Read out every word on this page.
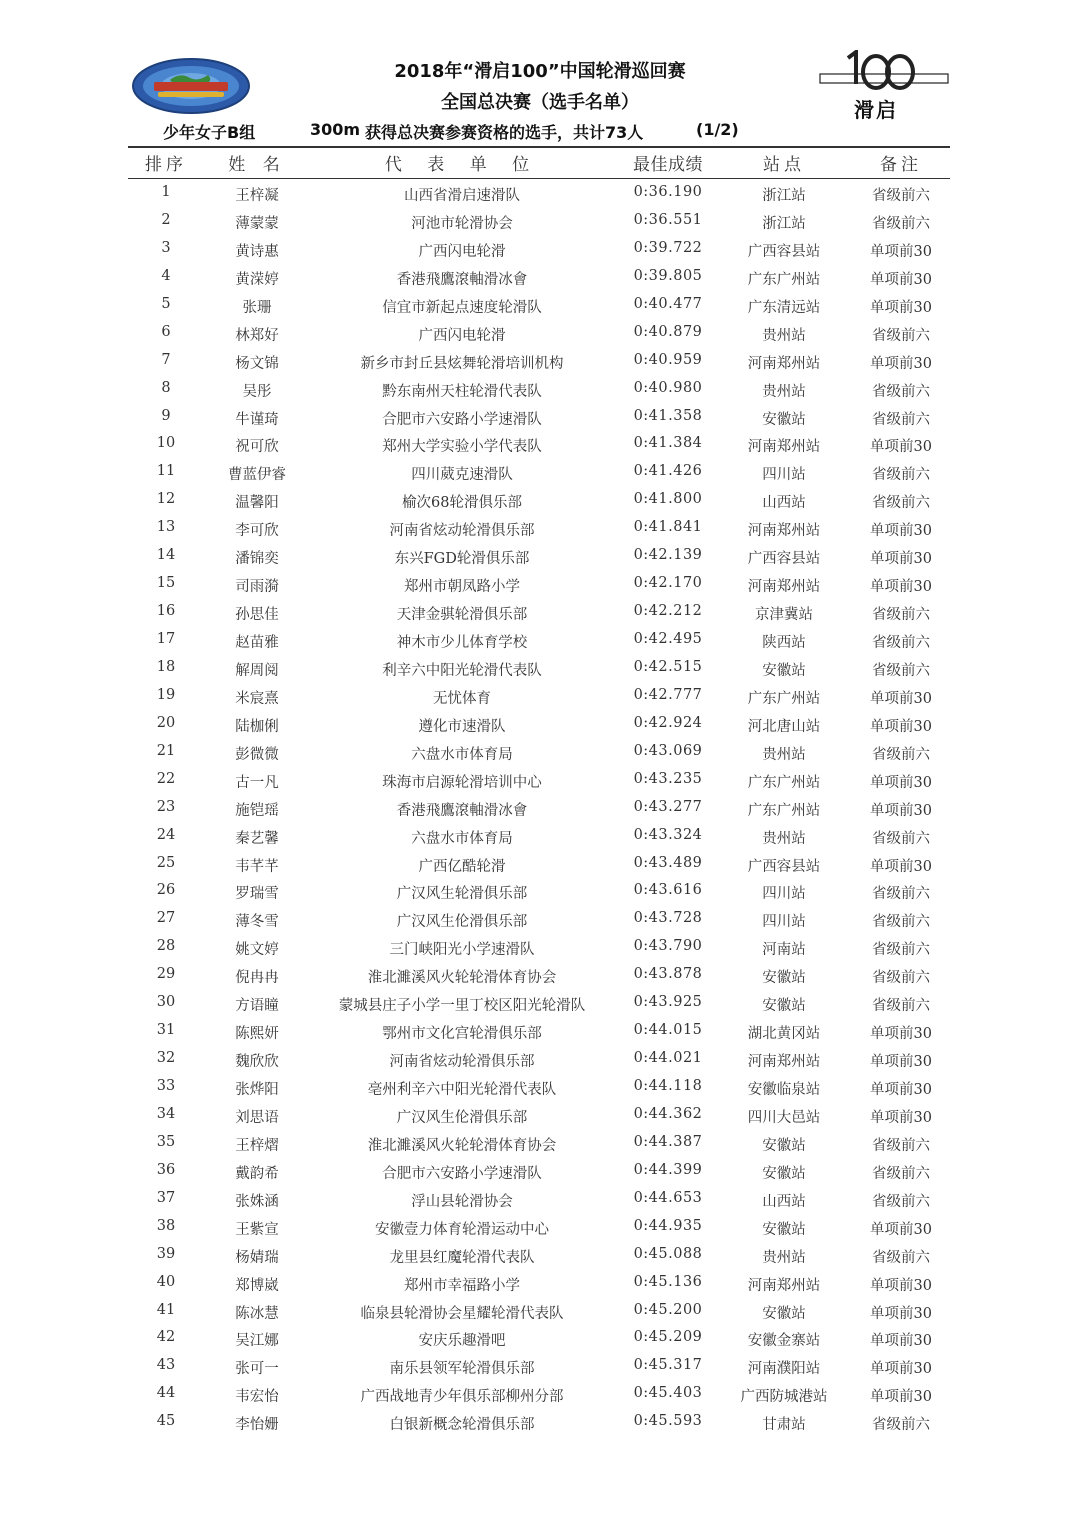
2018年“滑启100”中国轮滑巡回赛
全国总决赛（选手名单）	滑启
少年女子B组	300m 获得总决赛参赛资格的选手，共计73人	(1/2)
排序	姓 名	代 表 单 位	最佳成绩	站点	备注
1	王梓凝	山西省滑启速滑队	0:36.190	浙江站	省级前六
2	薄蒙蒙	河池市轮滑协会	0:36.551	浙江站	省级前六
3	黄诗惠	广西闪电轮滑	0:39.722	广西容县站	单项前30
4	黄溁婷	香港飛鷹滾軸滑冰會	0:39.805	广东广州站	单项前30
5	张珊	信宜市新起点速度轮滑队	0:40.477	广东清远站	单项前30
6	林郑好	广西闪电轮滑	0:40.879	贵州站	省级前六
7	杨文锦	新乡市封丘县炫舞轮滑培训机构	0:40.959	河南郑州站	单项前30
8	吴彤	黔东南州天柱轮滑代表队	0:40.980	贵州站	省级前六
9	牛谨琦	合肥市六安路小学速滑队	0:41.358	安徽站	省级前六
10	祝可欣	郑州大学实验小学代表队	0:41.384	河南郑州站	单项前30
11	曹蓝伊睿	四川葳克速滑队	0:41.426	四川站	省级前六
12	温馨阳	榆次68轮滑俱乐部	0:41.800	山西站	省级前六
13	李可欣	河南省炫动轮滑俱乐部	0:41.841	河南郑州站	单项前30
14	潘锦奕	东兴FGD轮滑俱乐部	0:42.139	广西容县站	单项前30
15	司雨漪	郑州市朝凤路小学	0:42.170	河南郑州站	单项前30
16	孙思佳	天津金骐轮滑俱乐部	0:42.212	京津冀站	省级前六
17	赵苗雅	神木市少儿体育学校	0:42.495	陕西站	省级前六
18	解周阅	利辛六中阳光轮滑代表队	0:42.515	安徽站	省级前六
19	米宸熹	无忧体育	0:42.777	广东广州站	单项前30
20	陆枷俐	遵化市速滑队	0:42.924	河北唐山站	单项前30
21	彭微微	六盘水市体育局	0:43.069	贵州站	省级前六
22	古一凡	珠海市启源轮滑培训中心	0:43.235	广东广州站	单项前30
23	施铠瑶	香港飛鷹滾軸滑冰會	0:43.277	广东广州站	单项前30
24	秦艺馨	六盘水市体育局	0:43.324	贵州站	省级前六
25	韦芊芊	广西亿酷轮滑	0:43.489	广西容县站	单项前30
26	罗瑞雪	广汉风生轮滑俱乐部	0:43.616	四川站	省级前六
27	薄冬雪	广汉风生伦滑俱乐部	0:43.728	四川站	省级前六
28	姚文婷	三门峡阳光小学速滑队	0:43.790	河南站	省级前六
29	倪冉冉	淮北濉溪风火轮轮滑体育协会	0:43.878	安徽站	省级前六
30	方语瞳	蒙城县庄子小学一里丁校区阳光轮滑队	0:43.925	安徽站	省级前六
31	陈熙妍	鄂州市文化宫轮滑俱乐部	0:44.015	湖北黄冈站	单项前30
32	魏欣欣	河南省炫动轮滑俱乐部	0:44.021	河南郑州站	单项前30
33	张烨阳	亳州利辛六中阳光轮滑代表队	0:44.118	安徽临泉站	单项前30
34	刘思语	广汉风生伦滑俱乐部	0:44.362	四川大邑站	单项前30
35	王梓熠	淮北濉溪风火轮轮滑体育协会	0:44.387	安徽站	省级前六
36	戴韵希	合肥市六安路小学速滑队	0:44.399	安徽站	省级前六
37	张姝涵	浮山县轮滑协会	0:44.653	山西站	省级前六
38	王紫宣	安徽壹力体育轮滑运动中心	0:44.935	安徽站	单项前30
39	杨婧瑞	龙里县红魔轮滑代表队	0:45.088	贵州站	省级前六
40	郑博崴	郑州市幸福路小学	0:45.136	河南郑州站	单项前30
41	陈冰慧	临泉县轮滑协会星耀轮滑代表队	0:45.200	安徽站	单项前30
42	吴江娜	安庆乐趣滑吧	0:45.209	安徽金寨站	单项前30
43	张可一	南乐县领军轮滑俱乐部	0:45.317	河南濮阳站	单项前30
44	韦宏怡	广西战地青少年俱乐部柳州分部	0:45.403	广西防城港站	单项前30
45	李怡姗	白银新概念轮滑俱乐部	0:45.593	甘肃站	省级前六
